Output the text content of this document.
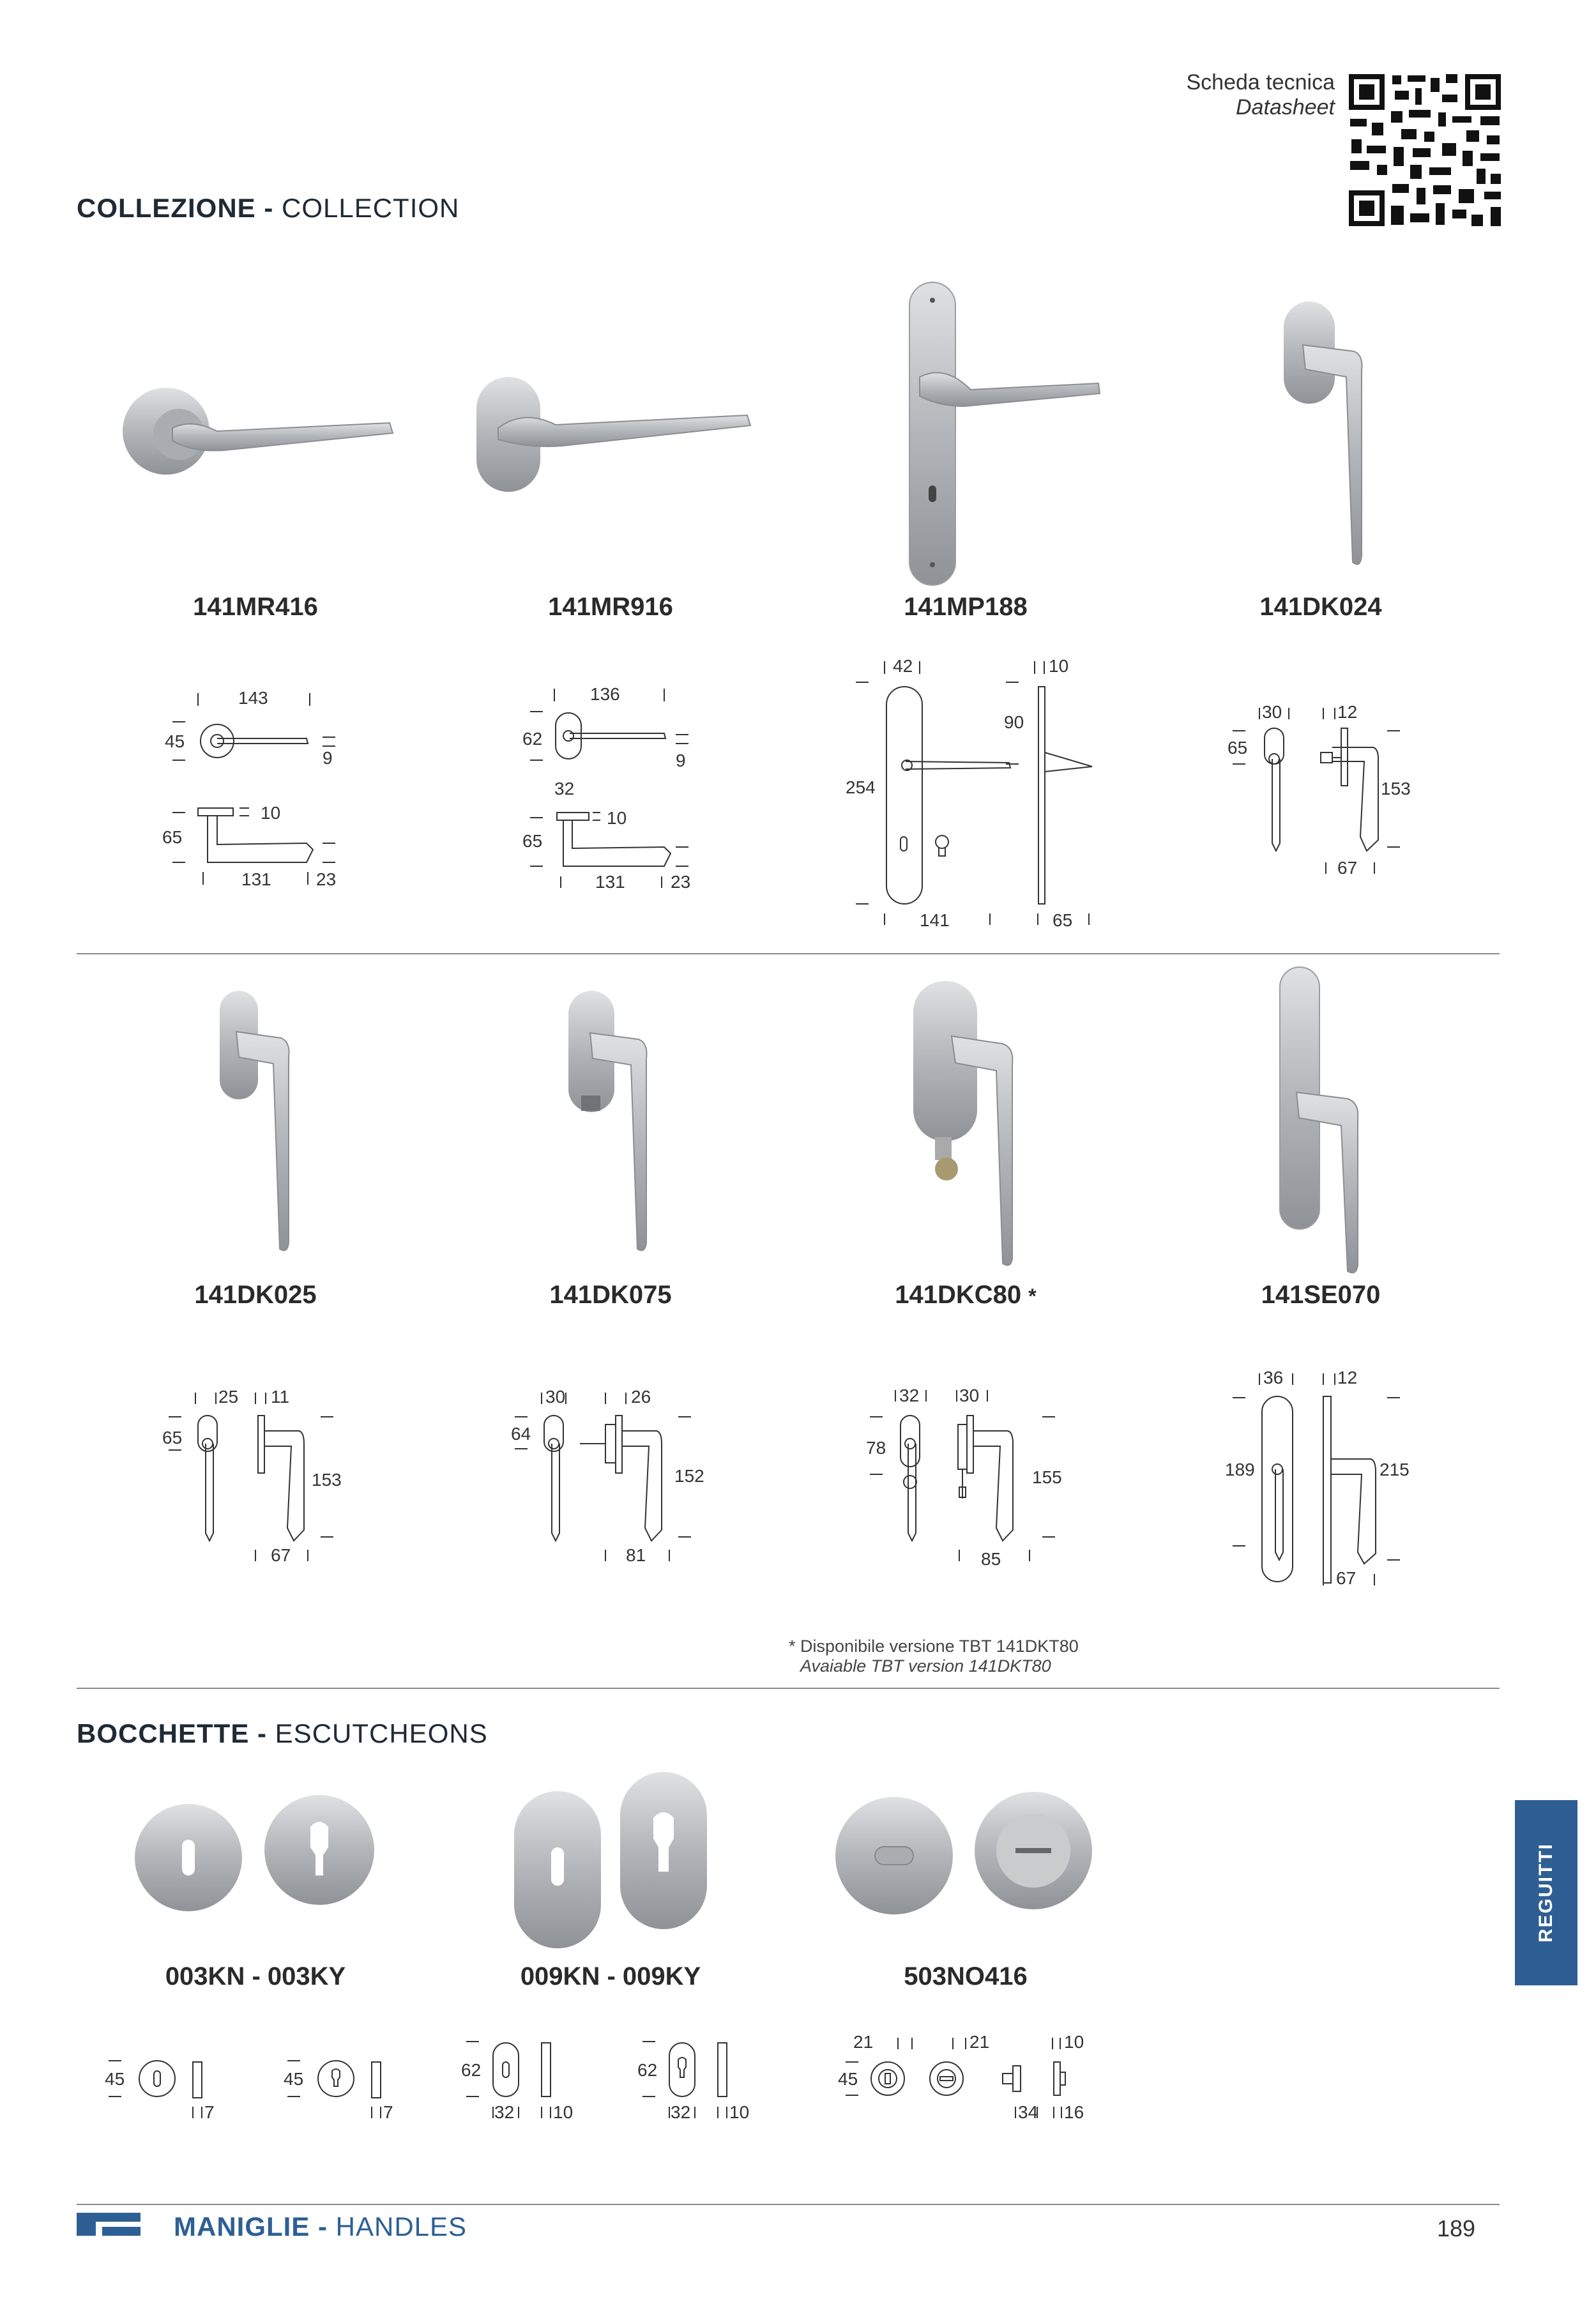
Scheda tecnica
Datasheet
COLLEZIONE - COLLECTION
141MR416	141MR916	141MP188	141DK024
143
45
9
10
65
131	23
136
62
9
32
10
65
131	23
42	10
90
254
141	65
30	12
65
153
67
141DK025	141DK075	141DKC80 *	141SE070
25 11
65
153
67
30	26
64
152
81
32 30
78
155
85
36	12
189	215
67
* Disponibile versione TBT 141DKT80
Avaiable TBT version 141DKT80
BOCCHETTE - ESCUTCHEONS
003KN - 003KY	009KN - 009KY	503NO416
45
7
45
7
62
32 10
62
32 10
21	21	10
45
34 16
REGUITTI
MANIGLIE - HANDLES	189
